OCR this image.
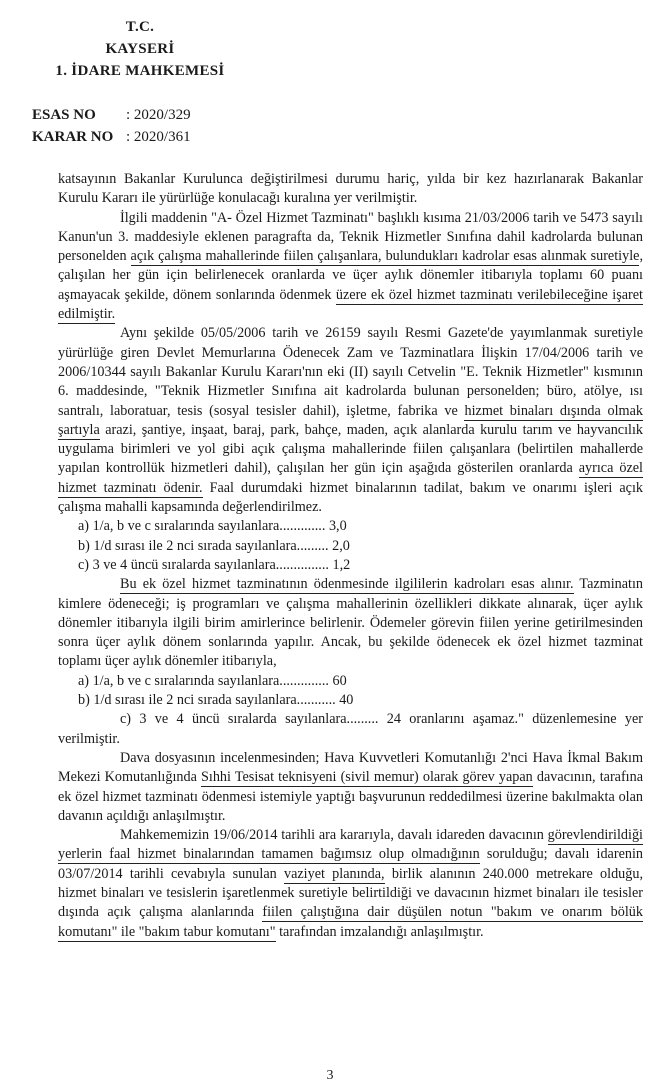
T.C.
KAYSERİ
1. İDARE MAHKEMESİ
ESAS NO	: 2020/329
KARAR NO : 2020/361

katsayının Bakanlar Kurulunca değiştirilmesi durumu hariç, yılda bir kez hazırlanarak Bakanlar Kurulu Kararı ile yürürlüğe konulacağı kuralına yer verilmiştir.

İlgili maddenin "A- Özel Hizmet Tazminatı" başlıklı kısıma 21/03/2006 tarih ve 5473 sayılı Kanun'un 3. maddesiyle eklenen paragrafta da, Teknik Hizmetler Sınıfına dahil kadrolarda bulunan personelden açık çalışma mahallerinde fiilen çalışanlara, bulundukları kadrolar esas alınmak suretiyle, çalışılan her gün için belirlenecek oranlarda ve üçer aylık dönemler itibarıyla toplamı 60 puanı aşmayacak şekilde, dönem sonlarında ödenmek üzere ek özel hizmet tazminatı verilebileceğine işaret edilmiştir.

Aynı şekilde 05/05/2006 tarih ve 26159 sayılı Resmi Gazete'de yayımlanmak suretiyle yürürlüğe giren Devlet Memurlarına Ödenecek Zam ve Tazminatlara İlişkin 17/04/2006 tarih ve 2006/10344 sayılı Bakanlar Kurulu Kararı'nın eki (II) sayılı Cetvelin "E. Teknik Hizmetler" kısmının 6. maddesinde, "Teknik Hizmetler Sınıfına ait kadrolarda bulunan personelden; büro, atölye, ısı santralı, laboratuar, tesis (sosyal tesisler dahil), işletme, fabrika ve hizmet binaları dışında olmak şartıyla arazi, şantiye, inşaat, baraj, park, bahçe, maden, açık alanlarda kurulu tarım ve hayvancılık uygulama birimleri ve yol gibi açık çalışma mahallerinde fiilen çalışanlara (belirtilen mahallerde yapılan kontrollük hizmetleri dahil), çalışılan her gün için aşağıda gösterilen oranlarda ayrıca özel hizmet tazminatı ödenir. Faal durumdaki hizmet binalarının tadilat, bakım ve onarımı işleri açık çalışma mahalli kapsamında değerlendirilmez.

a) 1/a, b ve c sıralarında sayılanlara............. 3,0

b) 1/d sırası ile 2 nci sırada sayılanlara......... 2,0

c) 3 ve 4 üncü sıralarda sayılanlara............... 1,2

Bu ek özel hizmet tazminatının ödenmesinde ilgililerin kadroları esas alınır. Tazminatın kimlere ödeneceği; iş programları ve çalışma mahallerinin özellikleri dikkate alınarak, üçer aylık dönemler itibarıyla ilgili birim amirlerince belirlenir. Ödemeler görevin fiilen yerine getirilmesinden sonra üçer aylık dönem sonlarında yapılır. Ancak, bu şekilde ödenecek ek özel hizmet tazminat toplamı üçer aylık dönemler itibarıyla,

a) 1/a, b ve c sıralarında sayılanlara.............. 60

b) 1/d sırası ile 2 nci sırada sayılanlara........... 40

c) 3 ve 4 üncü sıralarda sayılanlara......... 24 oranlarını aşamaz." düzenlemesine yer verilmiştir.

Dava dosyasının incelenmesinden; Hava Kuvvetleri Komutanlığı 2'nci Hava İkmal Bakım Mekezi Komutanlığında Sıhhi Tesisat teknisyeni (sivil memur) olarak görev yapan davacının, tarafına ek özel hizmet tazminatı ödenmesi istemiyle yaptığı başvurunun reddedilmesi üzerine bakılmakta olan davanın açıldığı anlaşılmıştır.

Mahkememizin 19/06/2014 tarihli ara kararıyla, davalı idareden davacının görevlendirildiği yerlerin faal hizmet binalarından tamamen bağımsız olup olmadığının sorulduğu; davalı idarenin 03/07/2014 tarihli cevabıyla sunulan vaziyet planında, birlik alanının 240.000 metrekare olduğu, hizmet binaları ve tesislerin işaretlenmek suretiyle belirtildiği ve davacının hizmet binaları ile tesisler dışında açık çalışma alanlarında fiilen çalıştığına dair düşülen notun "bakım ve onarım bölük komutanı" ile "bakım tabur komutanı" tarafından imzalandığı anlaşılmıştır.

3
